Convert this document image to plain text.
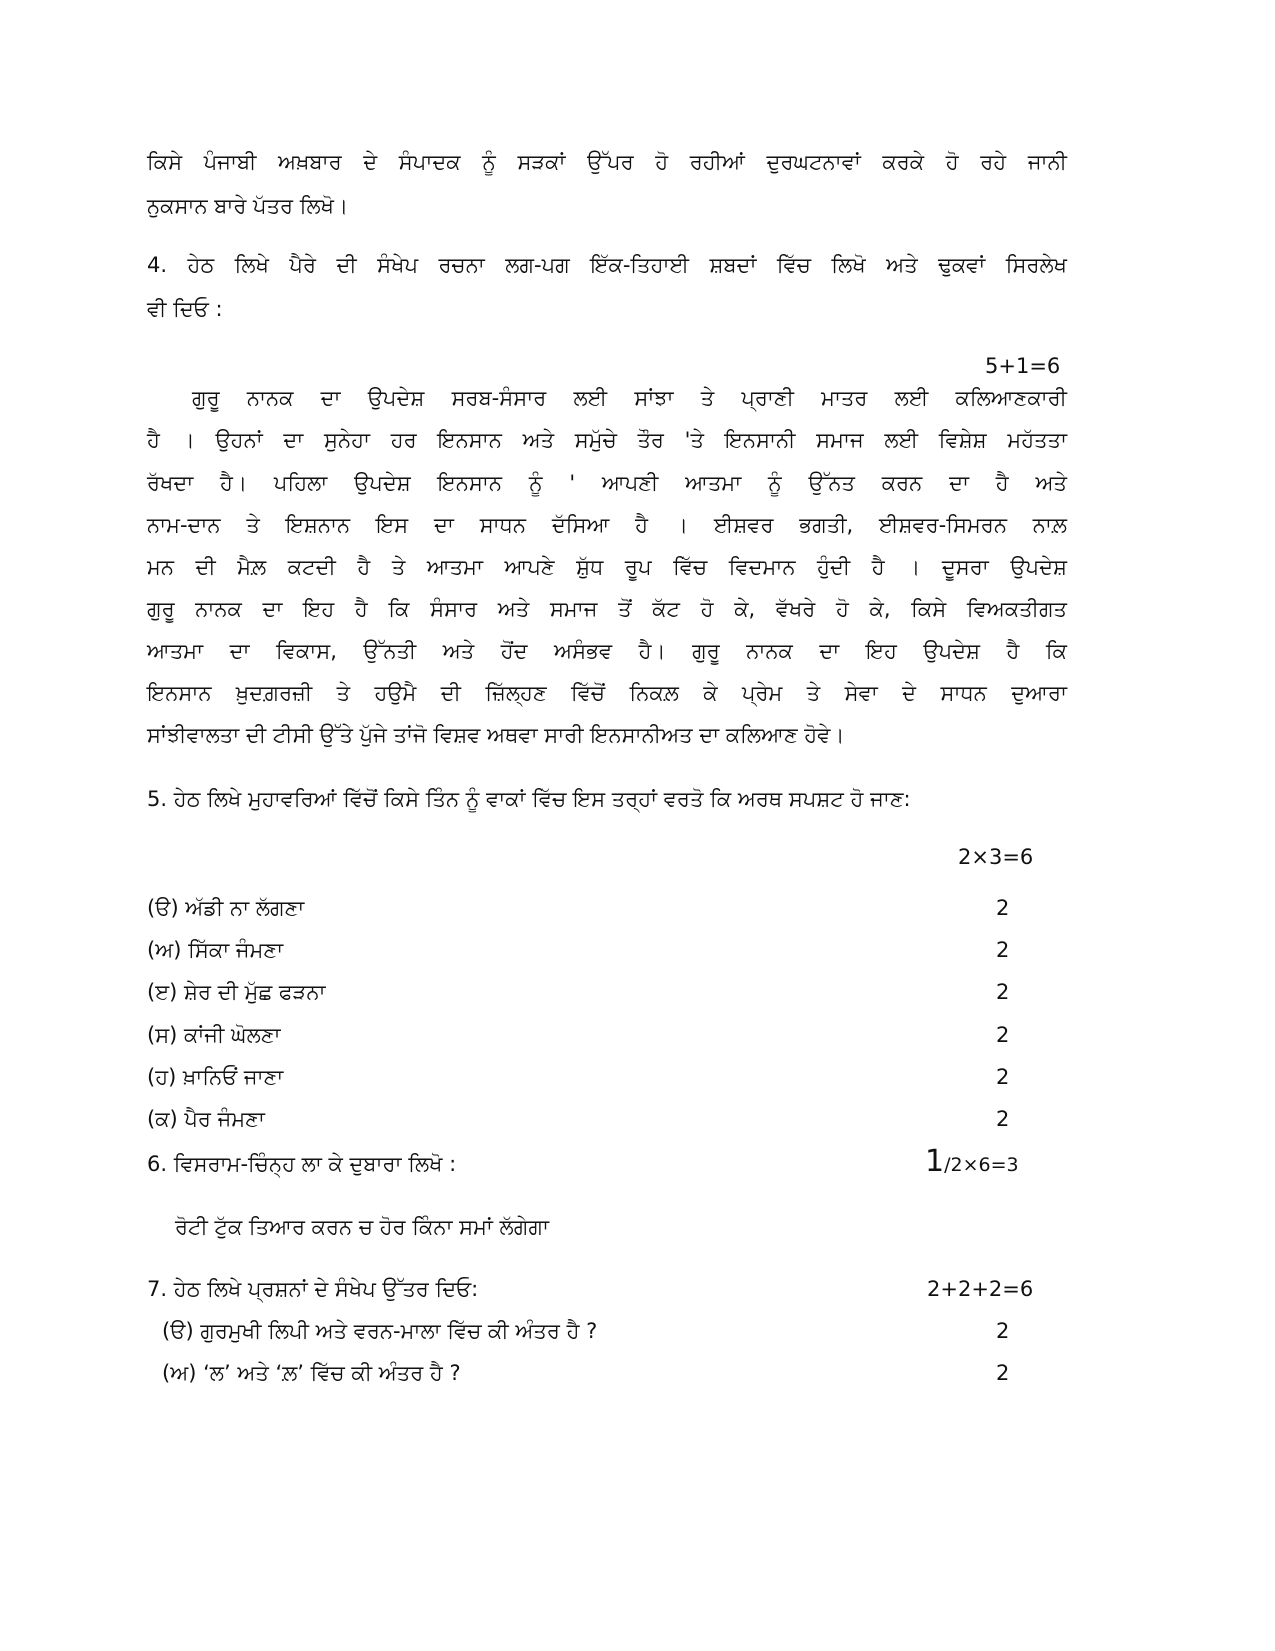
ਕਿਸੇ ਪੰਜਾਬੀ ਅਖ਼ਬਾਰ ਦੇ ਸੰਪਾਦਕ ਨੂੰ ਸੜਕਾਂ ਉੱਪਰ ਹੋ ਰਹੀਆਂ ਦੁਰਘਟਨਾਵਾਂ ਕਰਕੇ ਹੋ ਰਹੇ ਜਾਨੀ
ਨੁਕਸਾਨ ਬਾਰੇ ਪੱਤਰ ਲਿਖੋ।
4. ਹੇਠ ਲਿਖੇ ਪੈਰੇ ਦੀ ਸੰਖੇਪ ਰਚਨਾ ਲਗ-ਪਗ ਇੱਕ-ਤਿਹਾਈ ਸ਼ਬਦਾਂ ਵਿੱਚ ਲਿਖੋ ਅਤੇ ਢੁਕਵਾਂ ਸਿਰਲੇਖ
ਵੀ ਦਿਓ :
5+1=6
ਗੁਰੂ ਨਾਨਕ ਦਾ ਉਪਦੇਸ਼ ਸਰਬ-ਸੰਸਾਰ ਲਈ ਸਾਂਝਾ ਤੇ ਪ੍ਰਾਣੀ ਮਾਤਰ ਲਈ ਕਲਿਆਣਕਾਰੀ
ਹੈ । ਉਹਨਾਂ ਦਾ ਸੁਨੇਹਾ ਹਰ ਇਨਸਾਨ ਅਤੇ ਸਮੁੱਚੇ ਤੌਰ 'ਤੇ ਇਨਸਾਨੀ ਸਮਾਜ ਲਈ ਵਿਸ਼ੇਸ਼ ਮਹੱਤਤਾ
ਰੱਖਦਾ ਹੈ। ਪਹਿਲਾ ਉਪਦੇਸ਼ ਇਨਸਾਨ ਨੂੰ ' ਆਪਣੀ ਆਤਮਾ ਨੂੰ ਉੱਨਤ ਕਰਨ ਦਾ ਹੈ ਅਤੇ
ਨਾਮ-ਦਾਨ ਤੇ ਇਸ਼ਨਾਨ ਇਸ ਦਾ ਸਾਧਨ ਦੱਸਿਆ ਹੈ । ਈਸ਼ਵਰ ਭਗਤੀ, ਈਸ਼ਵਰ-ਸਿਮਰਨ ਨਾਲ਼
ਮਨ ਦੀ ਮੈਲ਼ ਕਟਦੀ ਹੈ ਤੇ ਆਤਮਾ ਆਪਣੇ ਸ਼ੁੱਧ ਰੂਪ ਵਿੱਚ ਵਿਦਮਾਨ ਹੁੰਦੀ ਹੈ । ਦੂਸਰਾ ਉਪਦੇਸ਼
ਗੁਰੂ ਨਾਨਕ ਦਾ ਇਹ ਹੈ ਕਿ ਸੰਸਾਰ ਅਤੇ ਸਮਾਜ ਤੋਂ ਕੱਟ ਹੋ ਕੇ, ਵੱਖਰੇ ਹੋ ਕੇ, ਕਿਸੇ ਵਿਅਕਤੀਗਤ
ਆਤਮਾ ਦਾ ਵਿਕਾਸ, ਉੱਨਤੀ ਅਤੇ ਹੋਂਦ ਅਸੰਭਵ ਹੈ। ਗੁਰੂ ਨਾਨਕ ਦਾ ਇਹ ਉਪਦੇਸ਼ ਹੈ ਕਿ
ਇਨਸਾਨ ਖ਼ੁਦਗ਼ਰਜ਼ੀ ਤੇ ਹਉਮੈ ਦੀ ਜ਼ਿੱਲ੍ਹਣ ਵਿੱਚੋਂ ਨਿਕਲ਼ ਕੇ ਪ੍ਰੇਮ ਤੇ ਸੇਵਾ ਦੇ ਸਾਧਨ ਦੁਆਰਾ
ਸਾਂਝੀਵਾਲਤਾ ਦੀ ਟੀਸੀ ਉੱਤੇ ਪੁੱਜੇ ਤਾਂਜੋ ਵਿਸ਼ਵ ਅਥਵਾ ਸਾਰੀ ਇਨਸਾਨੀਅਤ ਦਾ ਕਲਿਆਣ ਹੋਵੇ।
5. ਹੇਠ ਲਿਖੇ ਮੁਹਾਵਰਿਆਂ ਵਿੱਚੋਂ ਕਿਸੇ ਤਿੰਨ ਨੂੰ ਵਾਕਾਂ ਵਿੱਚ ਇਸ ਤਰ੍ਹਾਂ ਵਰਤੋ ਕਿ ਅਰਥ ਸਪਸ਼ਟ ਹੋ ਜਾਣ:
2×3=6
(ੳ) ਅੱਡੀ ਨਾ ਲੱਗਣਾ	2
(ਅ) ਸਿੱਕਾ ਜੰਮਣਾ	2
(ੲ) ਸ਼ੇਰ ਦੀ ਮੁੱਛ ਫੜਨਾ	2
(ਸ) ਕਾਂਜੀ ਘੋਲਣਾ	2
(ਹ) ਖ਼ਾਨਿਓਂ ਜਾਣਾ	2
(ਕ) ਪੈਰ ਜੰਮਣਾ	2
6. ਵਿਸਰਾਮ-ਚਿੰਨ੍ਹ ਲਾ ਕੇ ਦੁਬਾਰਾ ਲਿਖੋ :	1/2×6=3
ਰੋਟੀ ਟੁੱਕ ਤਿਆਰ ਕਰਨ ਚ ਹੋਰ ਕਿੰਨਾ ਸਮਾਂ ਲੱਗੇਗਾ
7. ਹੇਠ ਲਿਖੇ ਪ੍ਰਸ਼ਨਾਂ ਦੇ ਸੰਖੇਪ ਉੱਤਰ ਦਿਓ:	2+2+2=6
(ੳ) ਗੁਰਮੁਖੀ ਲਿਪੀ ਅਤੇ ਵਰਨ-ਮਾਲਾ ਵਿੱਚ ਕੀ ਅੰਤਰ ਹੈ ?	2
(ਅ) ‘ਲ’ ਅਤੇ ‘ਲ਼’ ਵਿੱਚ ਕੀ ਅੰਤਰ ਹੈ ?	2
